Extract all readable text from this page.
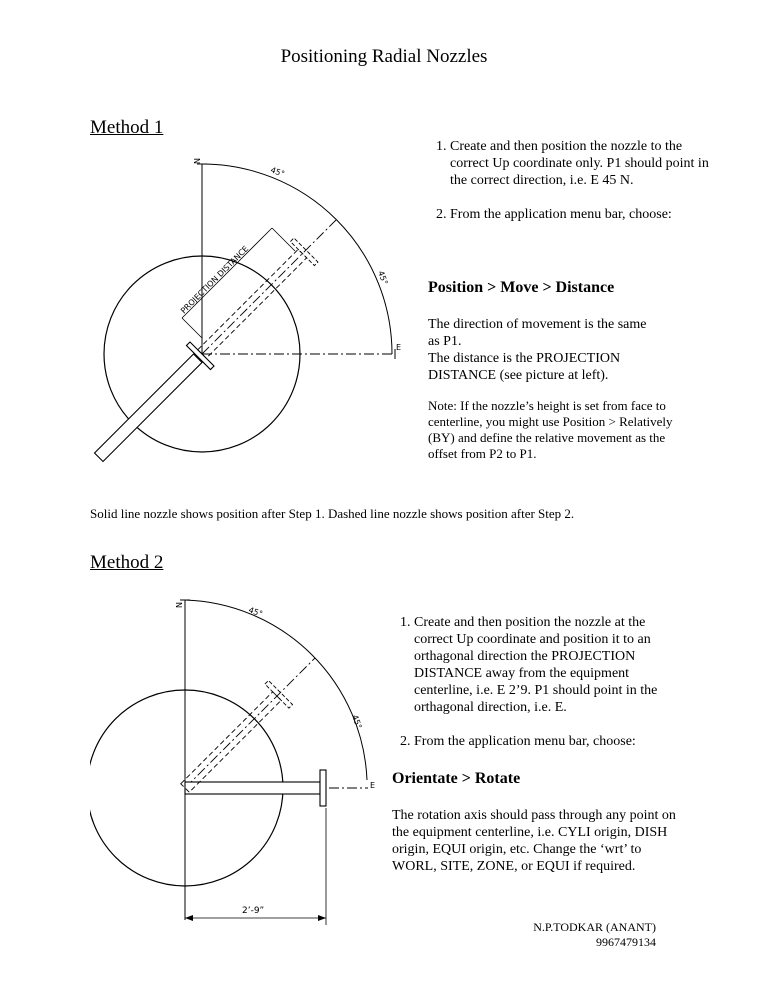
Positioning Radial Nozzles
Method 1
N
E
45°
45°
PROJECTION DISTANCE
1. Create and then position the nozzle to the correct Up coordinate only. P1 should point in the correct direction, i.e. E 45 N.
2. From the application menu bar, choose:
Position > Move > Distance
The direction of movement is the same as P1.
The distance is the PROJECTION DISTANCE (see picture at left).
Note: If the nozzle’s height is set from face to centerline, you might use Position > Relatively (BY) and define the relative movement as the offset from P2 to P1.
Solid line nozzle shows position after Step 1. Dashed line nozzle shows position after Step 2.
Method 2
N
E
45°
45°
2’-9”
1. Create and then position the nozzle at the correct Up coordinate and position it to an orthagonal direction the PROJECTION DISTANCE away from the equipment centerline, i.e. E 2’9. P1 should point in the orthagonal direction, i.e. E.
2. From the application menu bar, choose:
Orientate > Rotate
The rotation axis should pass through any point on the equipment centerline, i.e. CYLI origin, DISH origin, EQUI origin, etc. Change the ‘wrt’ to WORL, SITE, ZONE, or EQUI if required.
N.P.TODKAR (ANANT)
9967479134
